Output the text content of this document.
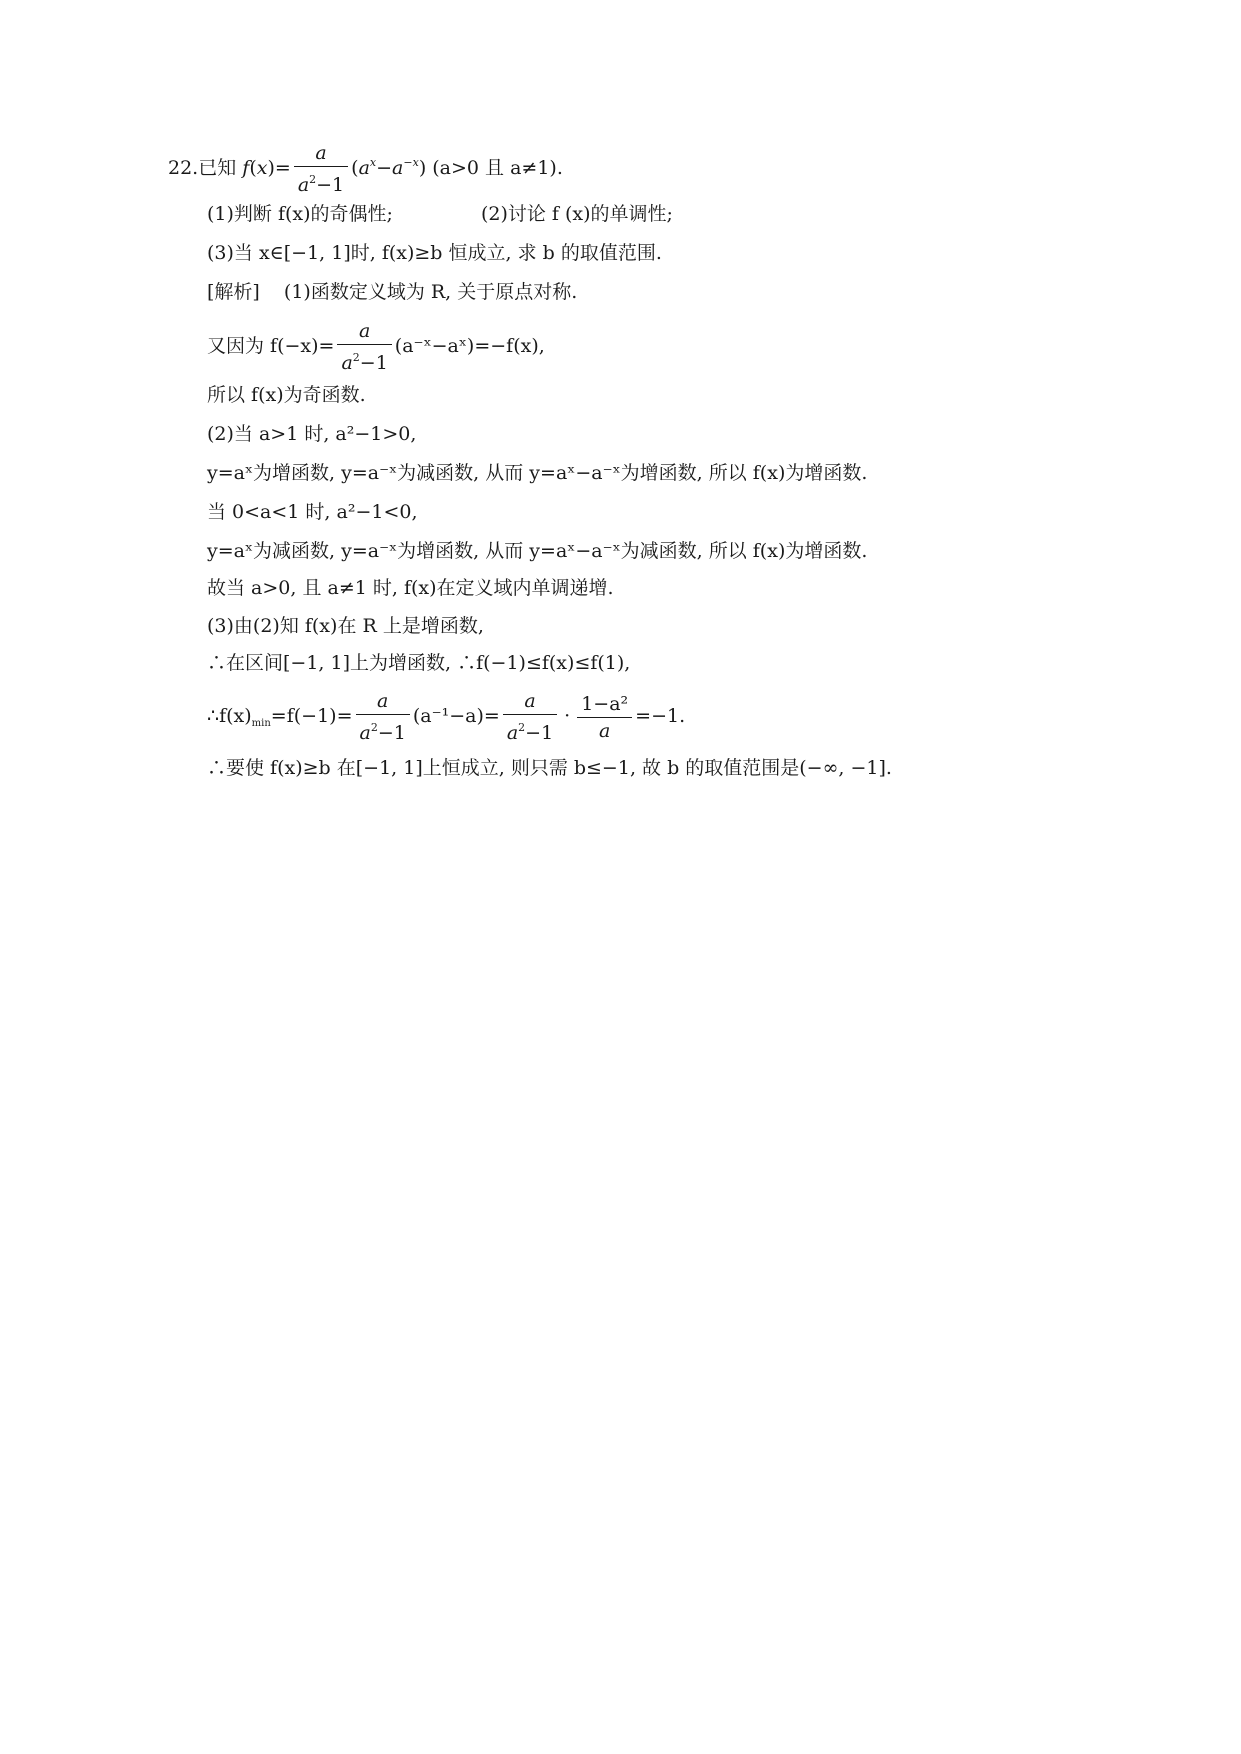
22.已知 $f(x)= \frac{a}{a^2-1} (a^x-a^{-x})$ (a>0 且 a≠1).
(1)判断 f(x)的奇偶性;	(2)讨论 f (x)的单调性;
(3)当 x∈[−1, 1]时, f(x)≥b 恒成立, 求 b 的取值范围.
[解析] (1)函数定义域为 R, 关于原点对称.
又因为 $f(-x)= \frac{a}{a^2-1}$ (a⁻ˣ−aˣ)=−f(x),
所以 f(x)为奇函数.
(2)当 a>1 时, a²−1>0,
y=aˣ为增函数, y=a⁻ˣ为减函数, 从而 y=aˣ−a⁻ˣ为增函数, 所以 f(x)为增函数.
当 0<a<1 时, a²−1<0,
y=aˣ为减函数, y=a⁻ˣ为增函数, 从而 y=aˣ−a⁻ˣ为减函数, 所以 f(x)为增函数.
故当 a>0, 且 a≠1 时, f(x)在定义域内单调递增.
(3)由(2)知 f(x)在 R 上是增函数,
∴在区间[−1, 1]上为增函数, ∴f(−1)≤f(x)≤f(1),
$\therefore f(x)_{min}=f(-1)= \frac{a}{a^2-1} (a^{-1}-a)= \frac{a}{a^2-1} \cdot \frac{\text{1−a²}}{a} =-1$.
∴要使 f(x)≥b 在[−1, 1]上恒成立, 则只需 b≤−1, 故 b 的取值范围是(−∞, −1].
